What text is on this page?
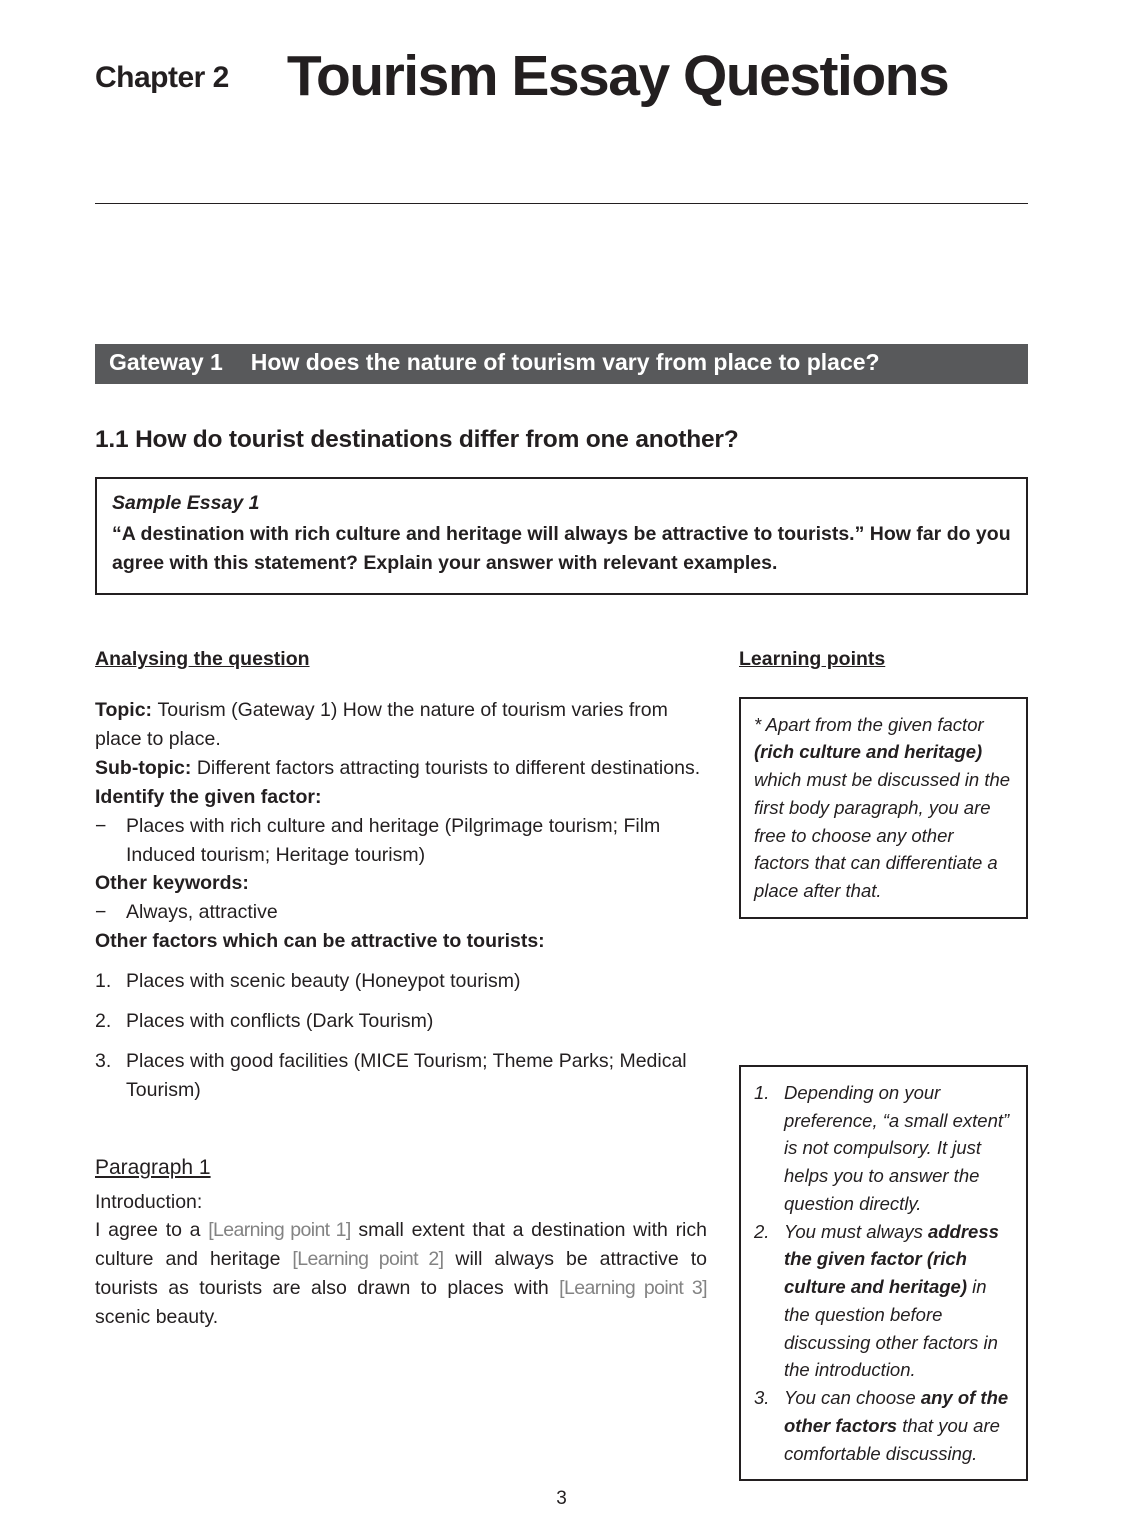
Chapter 2 Tourism Essay Questions
Gateway 1 How does the nature of tourism vary from place to place?
1.1 How do tourist destinations differ from one another?
Sample Essay 1
“A destination with rich culture and heritage will always be attractive to tourists.” How far do you agree with this statement? Explain your answer with relevant examples.
Analysing the question
Topic: Tourism (Gateway 1) How the nature of tourism varies from place to place.
Sub-topic: Different factors attracting tourists to different destinations.
Identify the given factor:
−	Places with rich culture and heritage (Pilgrimage tourism; Film Induced tourism; Heritage tourism)
Other keywords:
−	Always, attractive
Other factors which can be attractive to tourists:
1. Places with scenic beauty (Honeypot tourism)
2. Places with conflicts (Dark Tourism)
3. Places with good facilities (MICE Tourism; Theme Parks; Medical Tourism)
Paragraph 1
Introduction:
I agree to a [Learning point 1] small extent that a destination with rich culture and heritage [Learning point 2] will always be attractive to tourists as tourists are also drawn to places with [Learning point 3] scenic beauty.
Learning points
* Apart from the given factor (rich culture and heritage) which must be discussed in the first body paragraph, you are free to choose any other factors that can differentiate a place after that.
1. Depending on your preference, “a small extent” is not compulsory. It just helps you to answer the question directly.
2. You must always address the given factor (rich culture and heritage) in the question before discussing other factors in the introduction.
3. You can choose any of the other factors that you are comfortable discussing.
3
